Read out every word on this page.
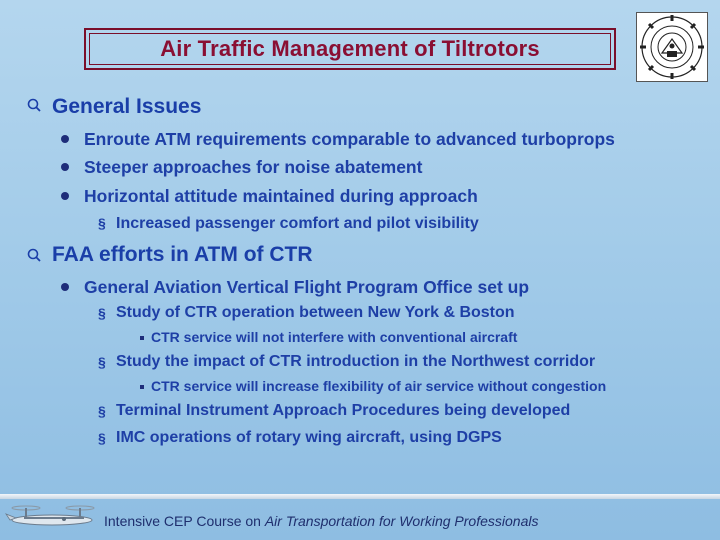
Air Traffic Management of Tiltrotors
General Issues
Enroute ATM requirements comparable to advanced turboprops
Steeper approaches for noise abatement
Horizontal attitude maintained during approach
§ Increased passenger comfort and pilot visibility
FAA efforts in ATM of CTR
General Aviation Vertical Flight Program Office set up
§ Study of CTR operation between New York & Boston
CTR service will not interfere with conventional aircraft
§ Study the impact of CTR introduction in the Northwest corridor
CTR service will increase flexibility of air service without congestion
§ Terminal Instrument Approach Procedures being developed
§ IMC operations of rotary wing aircraft, using DGPS
Intensive CEP Course on Air Transportation for Working Professionals
